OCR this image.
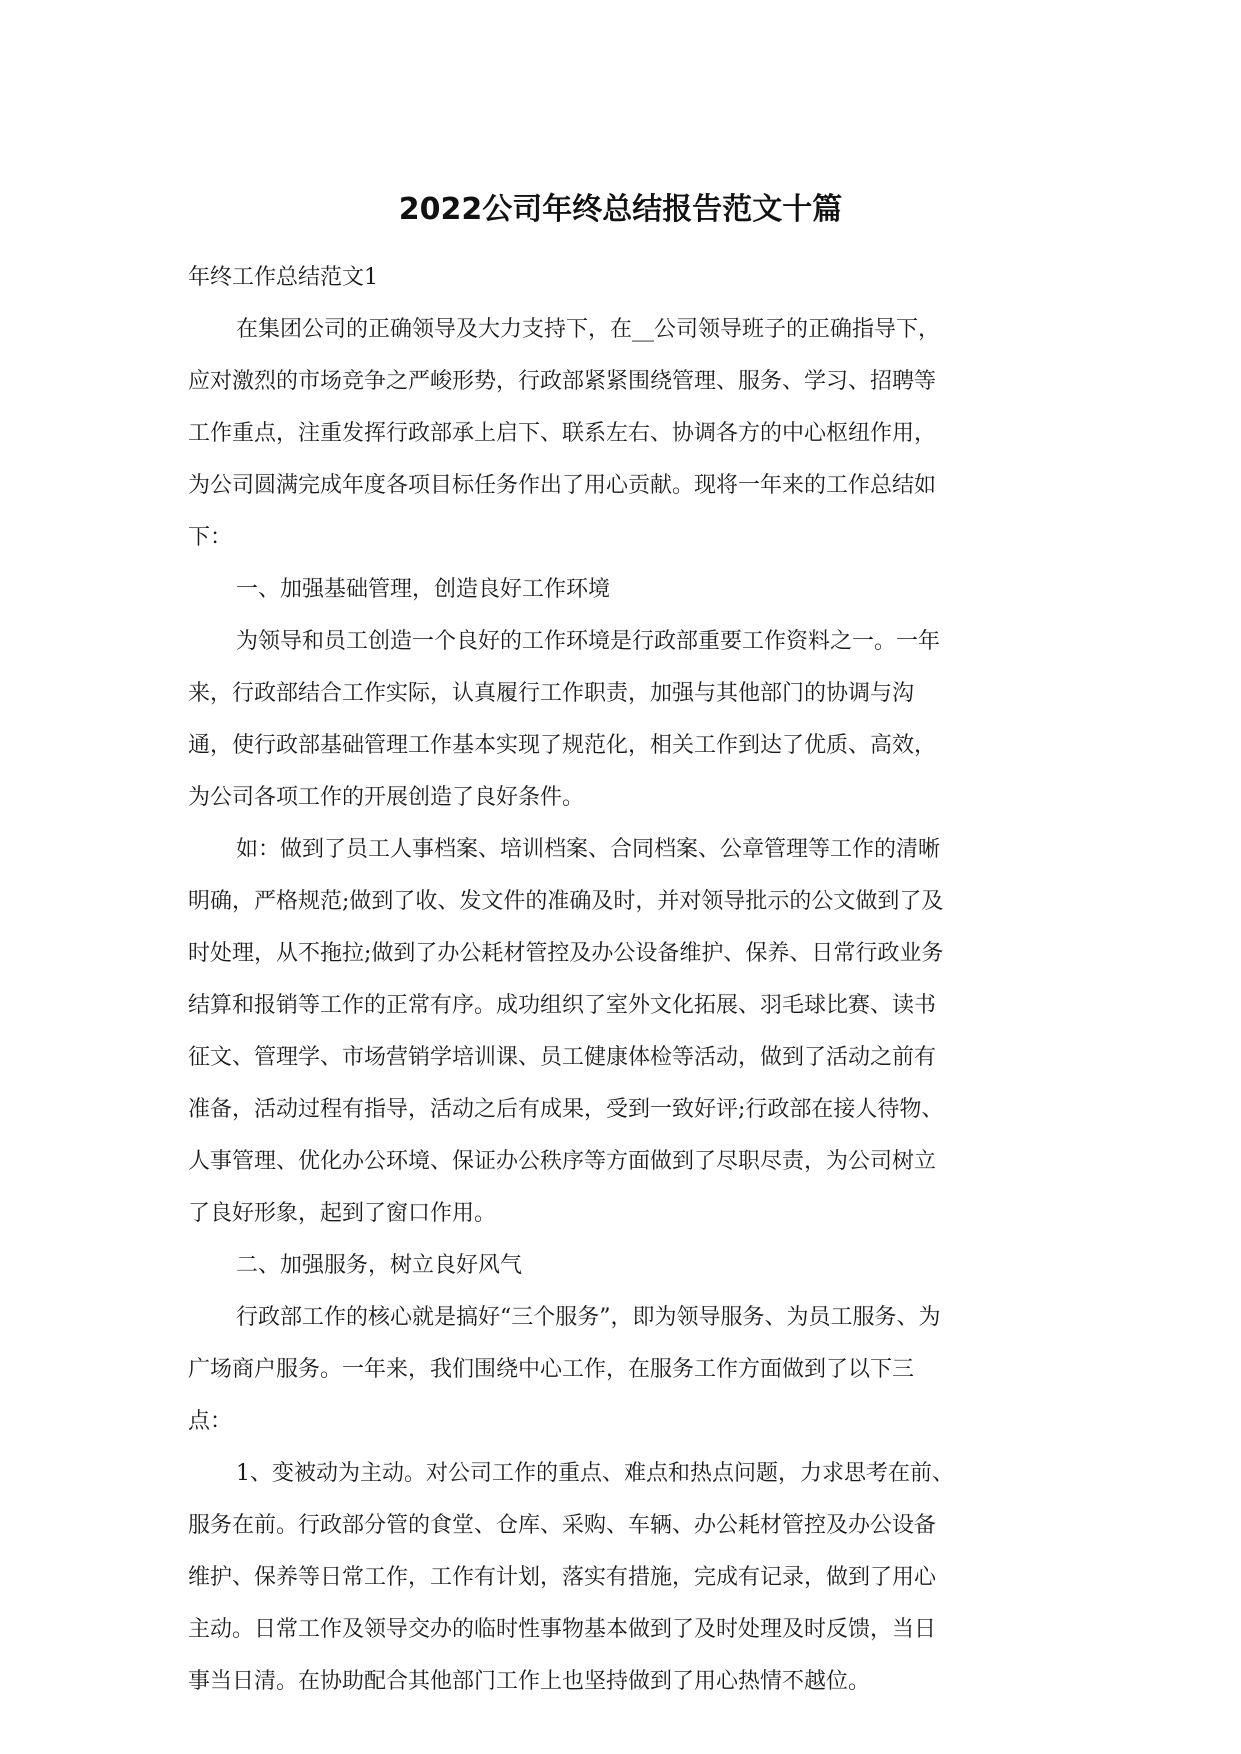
2022公司年终总结报告范文十篇

年终工作总结范文1

在集团公司的正确领导及大力支持下，在__公司领导班子的正确指导下，
应对激烈的市场竞争之严峻形势，行政部紧紧围绕管理、服务、学习、招聘等
工作重点，注重发挥行政部承上启下、联系左右、协调各方的中心枢纽作用，
为公司圆满完成年度各项目标任务作出了用心贡献。现将一年来的工作总结如
下：
一、加强基础管理，创造良好工作环境
为领导和员工创造一个良好的工作环境是行政部重要工作资料之一。一年
来，行政部结合工作实际，认真履行工作职责，加强与其他部门的协调与沟
通，使行政部基础管理工作基本实现了规范化，相关工作到达了优质、高效，
为公司各项工作的开展创造了良好条件。
如：做到了员工人事档案、培训档案、合同档案、公章管理等工作的清晰
明确，严格规范;做到了收、发文件的准确及时，并对领导批示的公文做到了及
时处理，从不拖拉;做到了办公耗材管控及办公设备维护、保养、日常行政业务
结算和报销等工作的正常有序。成功组织了室外文化拓展、羽毛球比赛、读书
征文、管理学、市场营销学培训课、员工健康体检等活动，做到了活动之前有
准备，活动过程有指导，活动之后有成果，受到一致好评;行政部在接人待物、
人事管理、优化办公环境、保证办公秩序等方面做到了尽职尽责，为公司树立
了良好形象，起到了窗口作用。
二、加强服务，树立良好风气
行政部工作的核心就是搞好“三个服务”，即为领导服务、为员工服务、为
广场商户服务。一年来，我们围绕中心工作，在服务工作方面做到了以下三
点：
1、变被动为主动。对公司工作的重点、难点和热点问题，力求思考在前、
服务在前。行政部分管的食堂、仓库、采购、车辆、办公耗材管控及办公设备
维护、保养等日常工作，工作有计划，落实有措施，完成有记录，做到了用心
主动。日常工作及领导交办的临时性事物基本做到了及时处理及时反馈，当日
事当日清。在协助配合其他部门工作上也坚持做到了用心热情不越位。
